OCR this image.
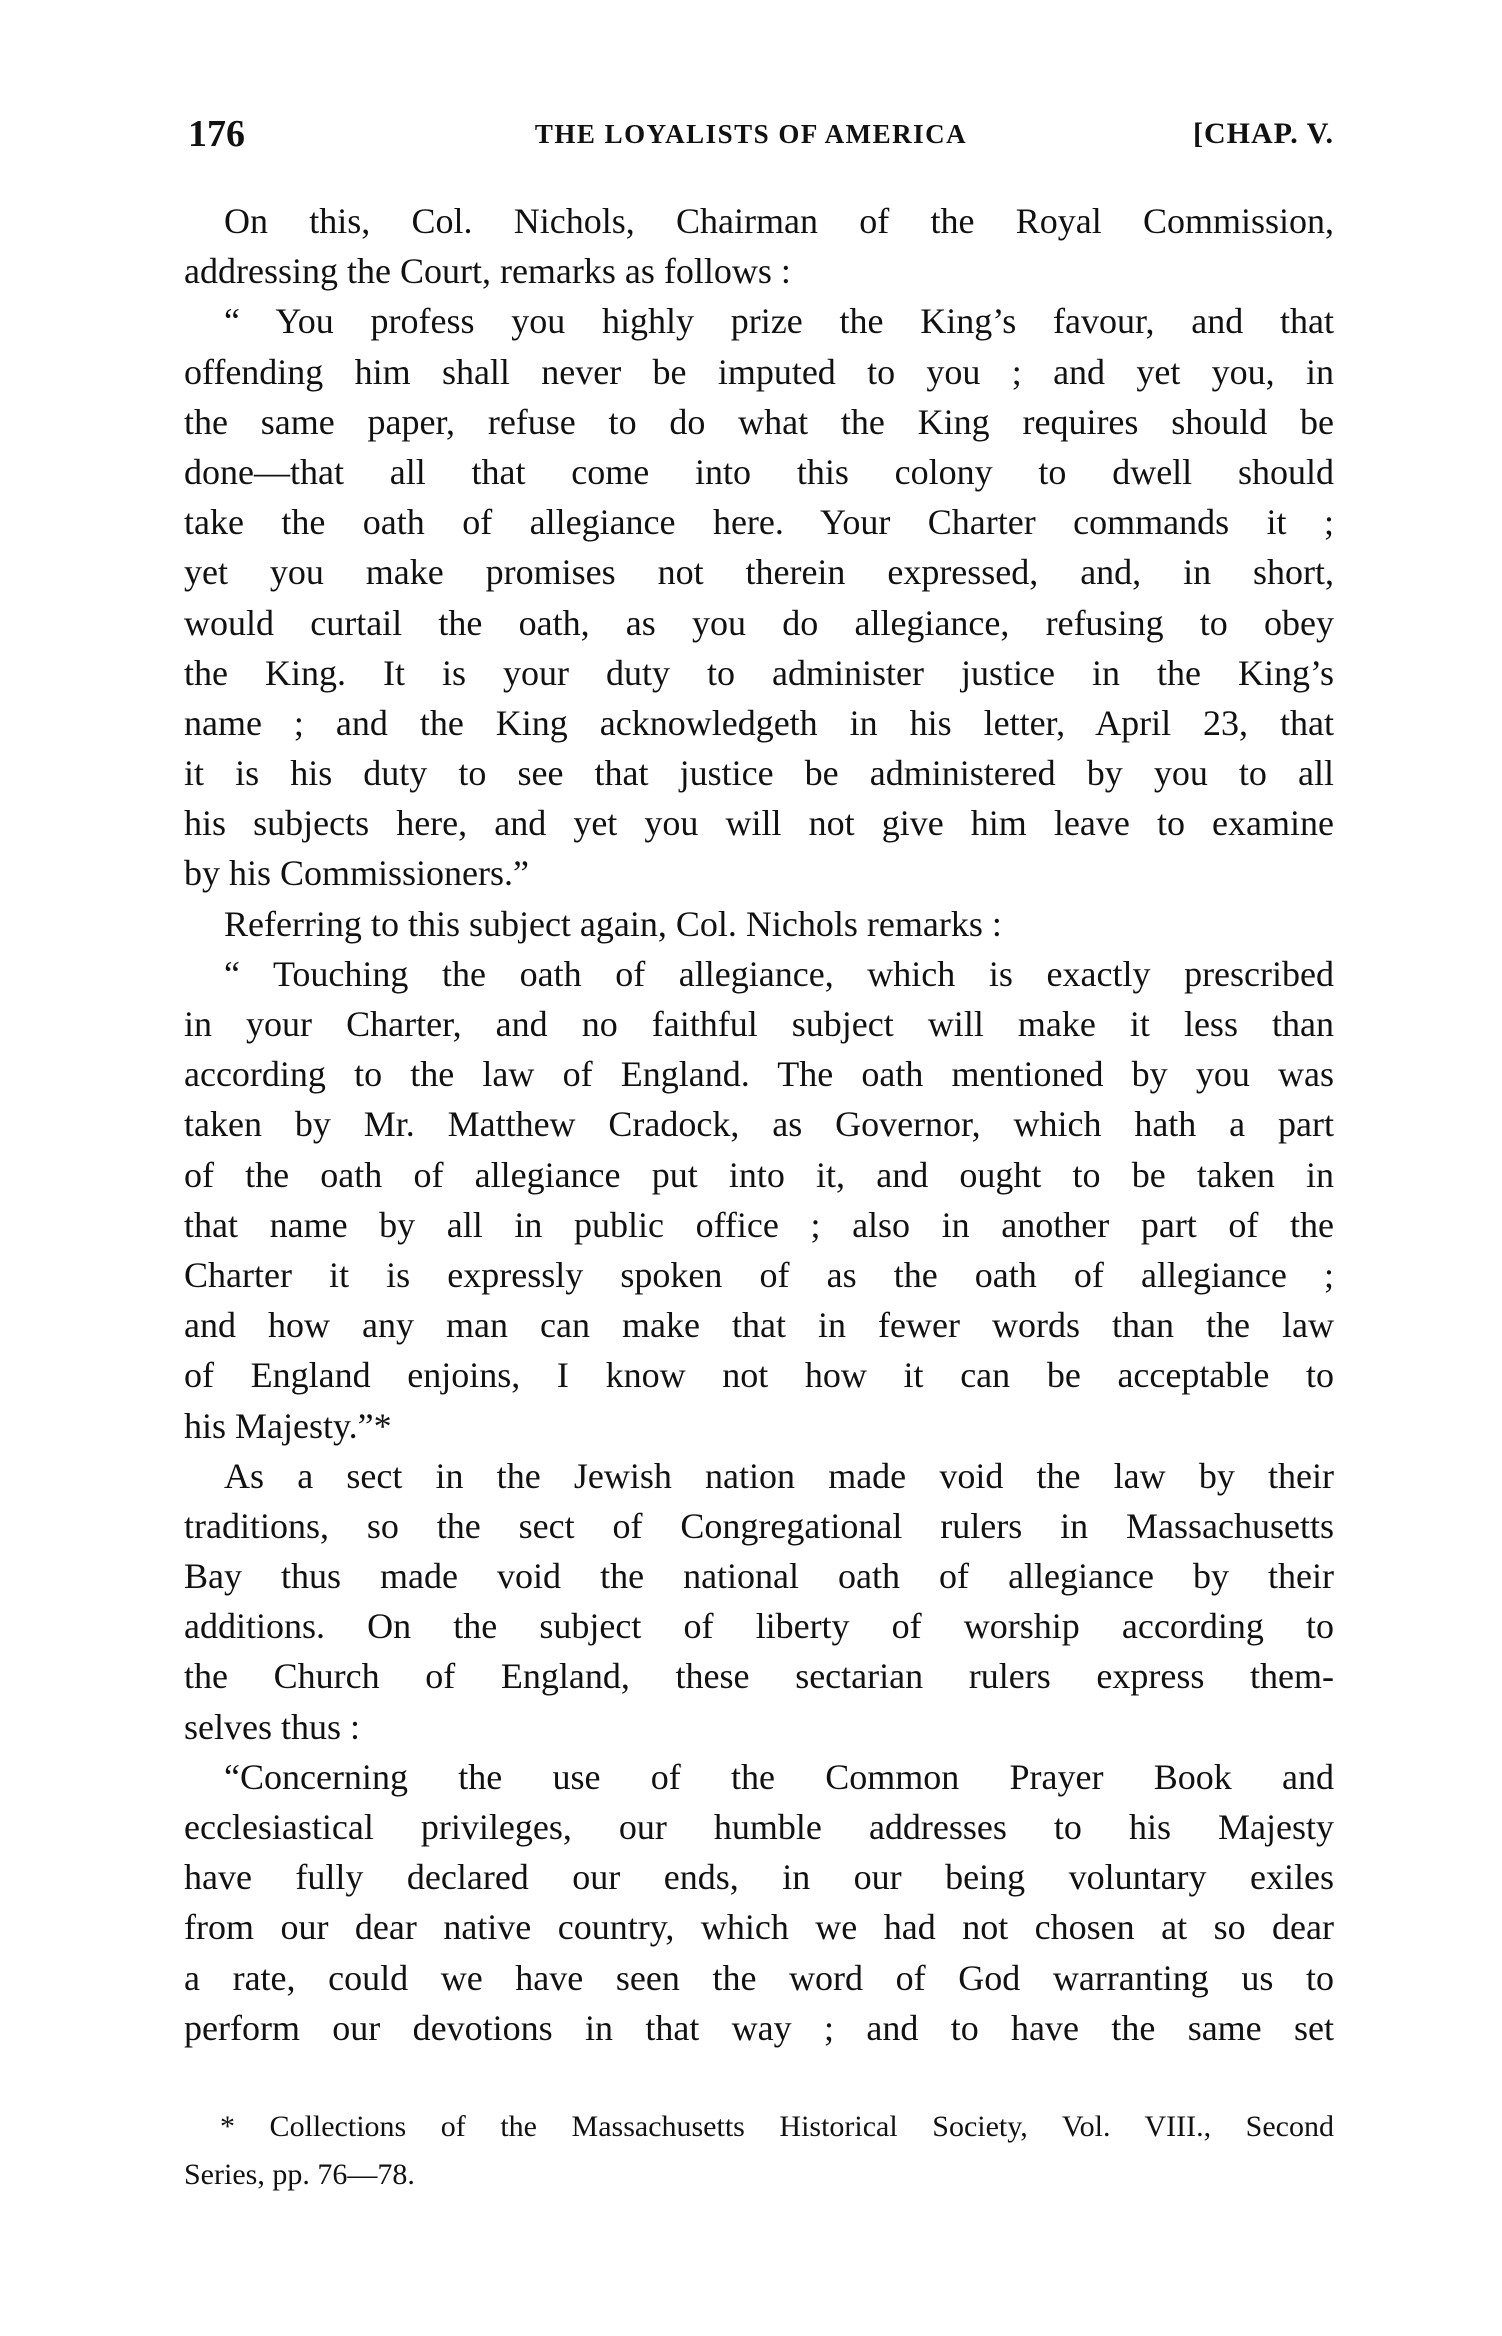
176	THE LOYALISTS OF AMERICA	[CHAP. V.
On this, Col. Nichols, Chairman of the Royal Commission,
addressing the Court, remarks as follows :
“ You profess you highly prize the King’s favour, and that
offending him shall never be imputed to you ; and yet you, in
the same paper, refuse to do what the King requires should be
done—that all that come into this colony to dwell should
take the oath of allegiance here. Your Charter commands it ;
yet you make promises not therein expressed, and, in short,
would curtail the oath, as you do allegiance, refusing to obey
the King. It is your duty to administer justice in the King’s
name ; and the King acknowledgeth in his letter, April 23, that
it is his duty to see that justice be administered by you to all
his subjects here, and yet you will not give him leave to examine
by his Commissioners.”
Referring to this subject again, Col. Nichols remarks :
“ Touching the oath of allegiance, which is exactly prescribed
in your Charter, and no faithful subject will make it less than
according to the law of England. The oath mentioned by you was
taken by Mr. Matthew Cradock, as Governor, which hath a part
of the oath of allegiance put into it, and ought to be taken in
that name by all in public office ; also in another part of the
Charter it is expressly spoken of as the oath of allegiance ;
and how any man can make that in fewer words than the law
of England enjoins, I know not how it can be acceptable to
his Majesty.”*
As a sect in the Jewish nation made void the law by their
traditions, so the sect of Congregational rulers in Massachusetts
Bay thus made void the national oath of allegiance by their
additions. On the subject of liberty of worship according to
the Church of England, these sectarian rulers express them-
selves thus :
“Concerning the use of the Common Prayer Book and
ecclesiastical privileges, our humble addresses to his Majesty
have fully declared our ends, in our being voluntary exiles
from our dear native country, which we had not chosen at so dear
a rate, could we have seen the word of God warranting us to
perform our devotions in that way ; and to have the same set
* Collections of the Massachusetts Historical Society, Vol. VIII., Second
Series, pp. 76—78.
